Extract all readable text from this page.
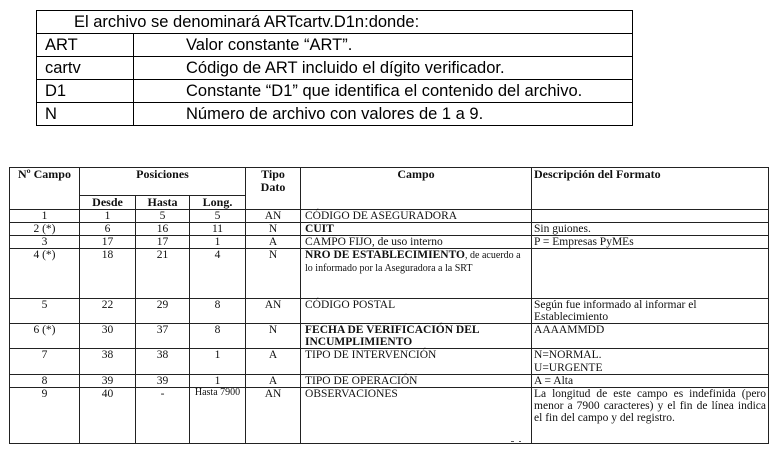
El archivo se denominará ARTcartv.D1n:donde:	
ART	Valor constante “ART”.
cartv	Código de ART incluido el dígito verificador.
D1	Constante “D1” que identifica el contenido del archivo.
N	Número de archivo con valores de 1 a 9.
Nº Campo	Posiciones			Tipo Dato	Campo	Descripción del Formato
	Desde	Hasta	Long.			
1	1	5	5	AN	CÓDIGO DE ASEGURADORA	
2 (*)	6	16	11	N	CUIT	Sin guiones.
3	17	17	1	A	CAMPO FIJO, de uso interno	P = Empresas PyMEs
4 (*)	18	21	4	N	NRO DE ESTABLECIMIENTO, de acuerdo a lo informado por la Aseguradora a la SRT	
5	22	29	8	AN	CÓDIGO POSTAL	Según fue informado al informar el Establecimiento
6 (*)	30	37	8	N	FECHA DE VERIFICACIÓN DEL INCUMPLIMIENTO	AAAAMMDD
7	38	38	1	A	TIPO DE INTERVENCIÓN	N=NORMAL.
U=URGENTE

8	39	39	1	A	TIPO DE OPERACIÓN	A = Alta
9	40	-	Hasta 7900	AN	OBSERVACIONES	La longitud de este campo es indefinida (pero menor a 7900 caracteres) y el fin de línea indica el fin del campo y del registro.
